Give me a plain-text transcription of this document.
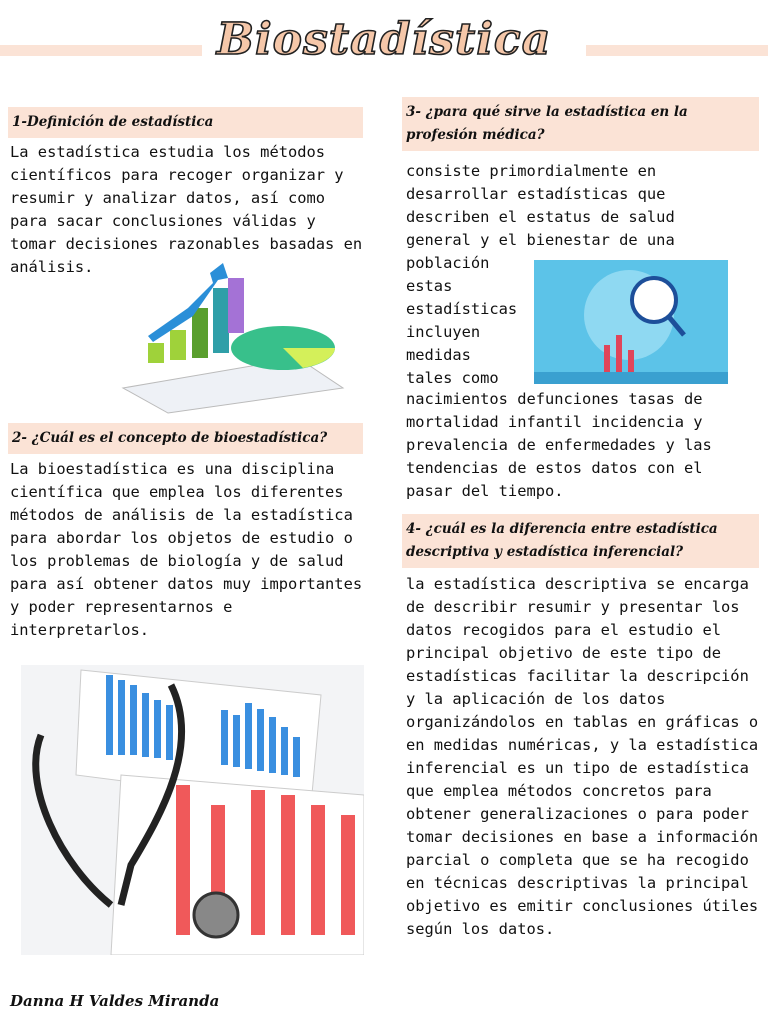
Biostadística
1-Definición de estadística
La estadística estudia los métodos científicos para recoger organizar y resumir y analizar datos, así como para sacar conclusiones válidas y tomar decisiones razonables basadas en análisis.
2- ¿Cuál es el concepto de bioestadística?
La bioestadística es una disciplina científica que emplea los diferentes métodos de análisis de la estadística para abordar los objetos de estudio o los problemas de biología y de salud para así obtener datos muy importantes y poder representarnos e interpretarlos.
3- ¿para qué sirve la estadística en la profesión médica?
consiste primordialmente en desarrollar estadísticas que describen el estatus de salud general y el bienestar de una
población estas estadísticas incluyen medidas tales como
nacimientos defunciones tasas de mortalidad infantil incidencia y prevalencia de enfermedades y las tendencias de estos datos con el pasar del tiempo.
4- ¿cuál es la diferencia entre estadística descriptiva y estadística inferencial?
la estadística descriptiva se encarga de describir resumir y presentar los datos recogidos para el estudio el principal objetivo de este tipo de estadísticas facilitar la descripción y la aplicación de los datos organizándolos en tablas en gráficas o en medidas numéricas, y la estadística inferencial es un tipo de estadística que emplea métodos concretos para obtener generalizaciones o para poder tomar decisiones en base a información parcial o completa que se ha recogido en técnicas descriptivas la principal objetivo es emitir conclusiones útiles según los datos.
Danna H Valdes Miranda
